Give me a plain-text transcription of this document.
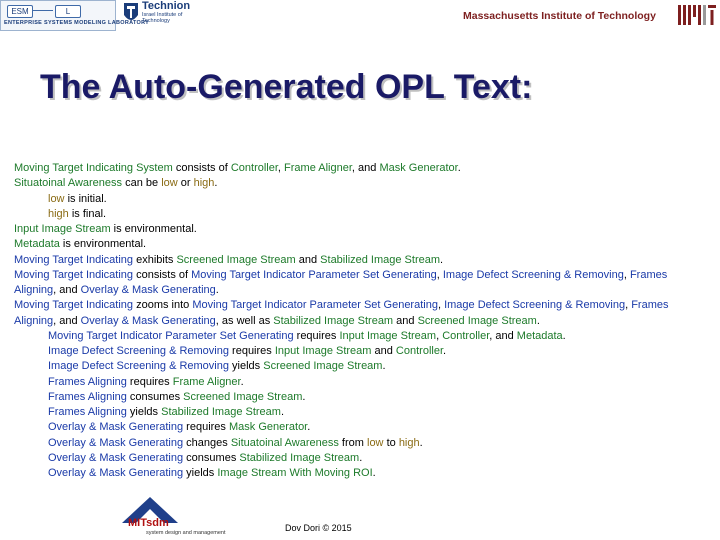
ESM	L
ENTERPRISE SYSTEMS MODELING LABORATORY
Technion
Israel Institute of Technology	Massachusetts Institute of Technology
The Auto-Generated OPL Text:
Moving Target Indicating System consists of Controller, Frame Aligner, and Mask Generator.
Situatoinal Awareness can be low or high.
low is initial.
high is final.
Input Image Stream is environmental.
Metadata is environmental.
Moving Target Indicating exhibits Screened Image Stream and Stabilized Image Stream.
Moving Target Indicating consists of Moving Target Indicator Parameter Set Generating, Image Defect Screening & Removing, Frames
Aligning, and Overlay & Mask Generating.
Moving Target Indicating zooms into Moving Target Indicator Parameter Set Generating, Image Defect Screening & Removing, Frames
Aligning, and Overlay & Mask Generating, as well as Stabilized Image Stream and Screened Image Stream.
Moving Target Indicator Parameter Set Generating requires Input Image Stream, Controller, and Metadata.
Image Defect Screening & Removing requires Input Image Stream and Controller.
Image Defect Screening & Removing yields Screened Image Stream.
Frames Aligning requires Frame Aligner.
Frames Aligning consumes Screened Image Stream.
Frames Aligning yields Stabilized Image Stream.
Overlay & Mask Generating requires Mask Generator.
Overlay & Mask Generating changes Situatoinal Awareness from low to high.
Overlay & Mask Generating consumes Stabilized Image Stream.
Overlay & Mask Generating yields Image Stream With Moving ROI.
MITsdm
system design and management	Dov Dori © 2015
